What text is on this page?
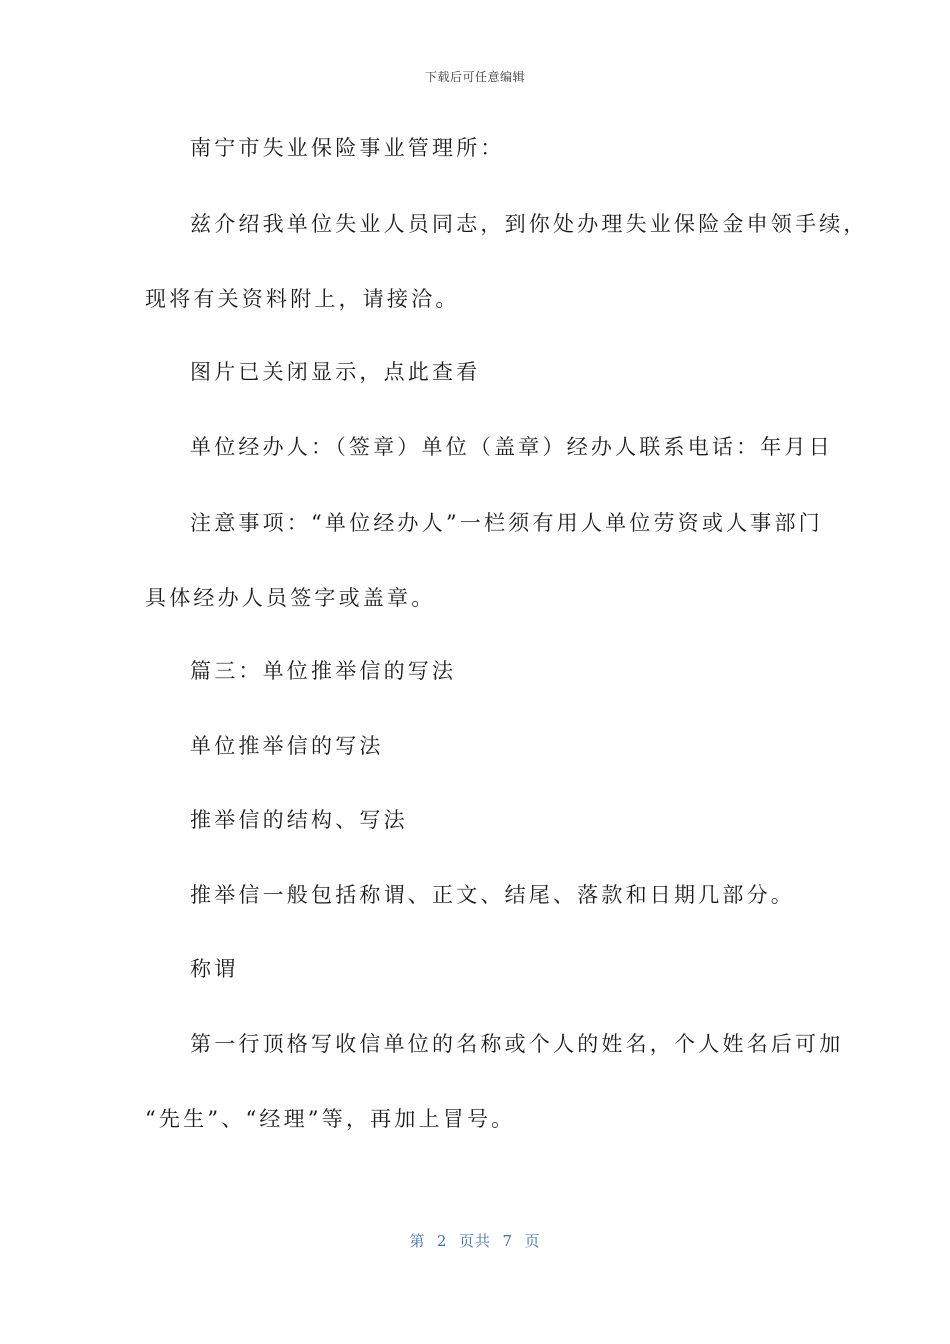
下载后可任意编辑
南宁市失业保险事业管理所：
兹介绍我单位失业人员同志，到你处办理失业保险金申领手续，
现将有关资料附上，请接洽。
图片已关闭显示，点此查看
单位经办人：（签章）单位（盖章）经办人联系电话：年月日
注意事项：“单位经办人”一栏须有用人单位劳资或人事部门
具体经办人员签字或盖章。
篇三：单位推举信的写法
单位推举信的写法
推举信的结构、写法
推举信一般包括称谓、正文、结尾、落款和日期几部分。
称谓
第一行顶格写收信单位的名称或个人的姓名，个人姓名后可加
“先生”、“经理”等，再加上冒号。
第  2  页共  7  页
